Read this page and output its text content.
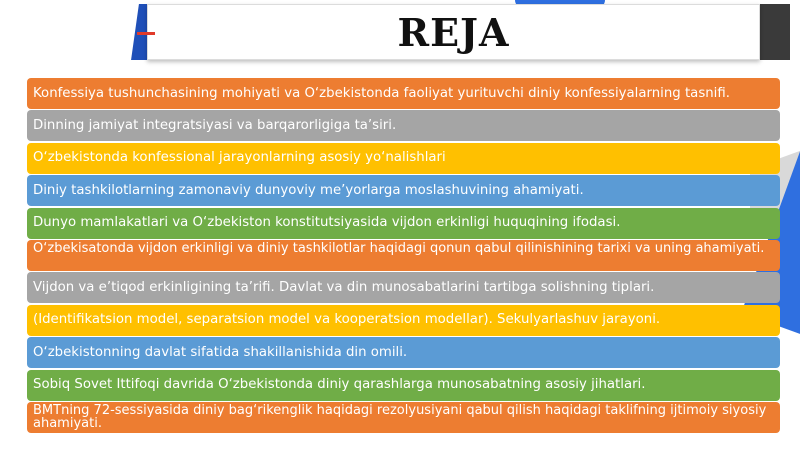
REJA
Konfessiya tushunchasining mohiyati va O‘zbekistonda faoliyat yurituvchi diniy konfessiyalarning tasnifi.
Dinning jamiyat integratsiyasi va barqarorligiga ta’siri.
O‘zbekistonda konfessional jarayonlarning asosiy yo‘nalishlari
Diniy tashkilotlarning zamonaviy dunyoviy me’yorlarga moslashuvining ahamiyati.
Dunyo mamlakatlari va O‘zbekiston konstitutsiyasida vijdon erkinligi huquqining ifodasi.
O‘zbekisatonda vijdon erkinligi va diniy tashkilotlar haqidagi qonun qabul qilinishining tarixi va uning ahamiyati.
Vijdon va e’tiqod erkinligining ta’rifi. Davlat va din munosabatlarini tartibga solishning tiplari.
(Identifikatsion model, separatsion model va kooperatsion modellar). Sekulyarlashuv jarayoni.
O‘zbekistonning davlat sifatida shakillanishida din omili.
Sobiq Sovet Ittifoqi davrida O‘zbekistonda diniy qarashlarga munosabatning asosiy jihatlari.
BMTning 72-sessiyasida diniy bag‘rikenglik haqidagi rezolyusiyani qabul qilish haqidagi taklifning ijtimoiy siyosiy ahamiyati.
